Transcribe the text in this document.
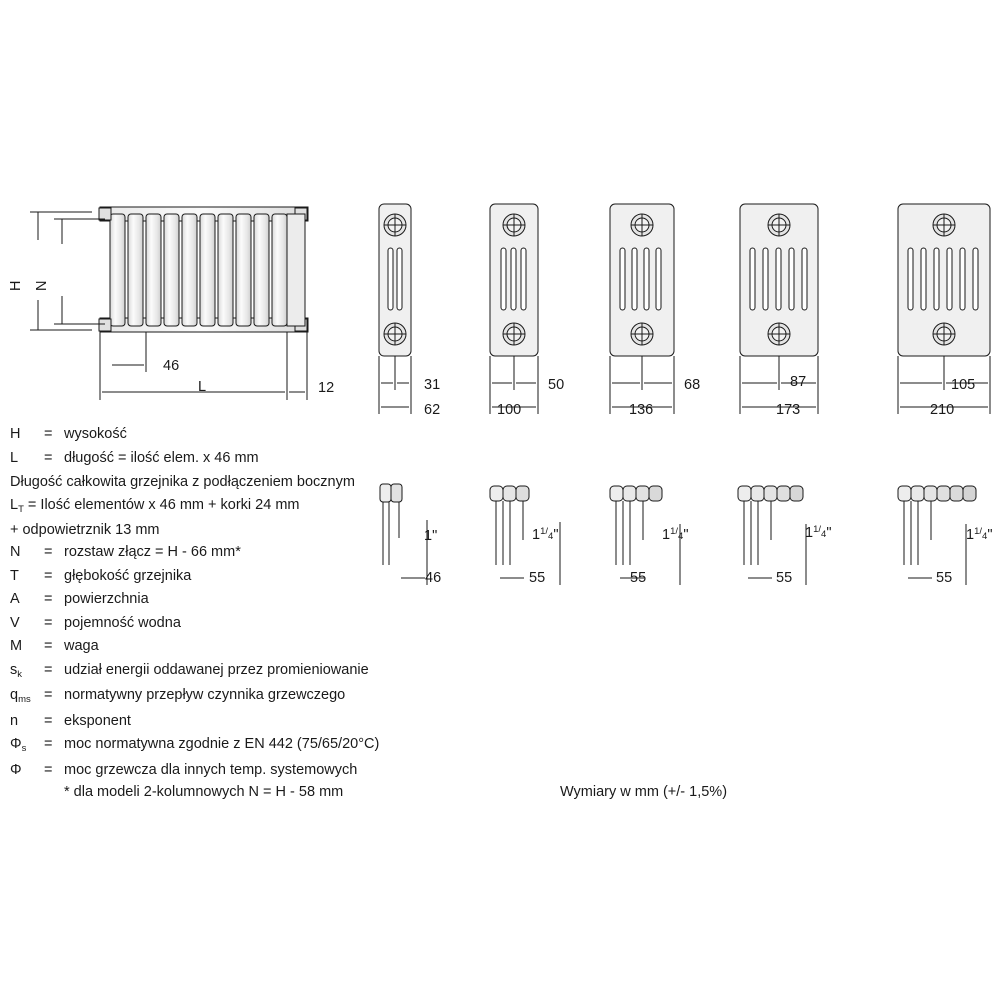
H N
46
L	12	31
62
50
100
68
136
87
173
105
210
1"
46
$1^1/_4$"
55
$1^1/_4$"
55
$1^1/_4$"
55
$1^1/_4$"
55
H	= wysokość
L	= długość = ilość elem. x 46 mm
Długość całkowita grzejnika z podłączeniem bocznym
$L_T$ = Ilość elementów x 46 mm + korki 24 mm
+ odpowietrznik 13 mm
N	= rozstaw złącz = H - 66 mm*
T	= głębokość grzejnika
A	= powierzchnia
V	= pojemność wodna
M	= waga
$s_k$	= udział energii oddawanej przez promieniowanie
$q_{ms}$ = normatywny przepływ czynnika grzewczego
n	= eksponent
$\Phi_s$	= moc normatywna zgodnie z EN 442 (75/65/20°C)
Φ	= moc grzewcza dla innych temp. systemowych
* dla modeli 2-kolumnowych N = H - 58 mm	Wymiary w mm (+/- 1,5%)
